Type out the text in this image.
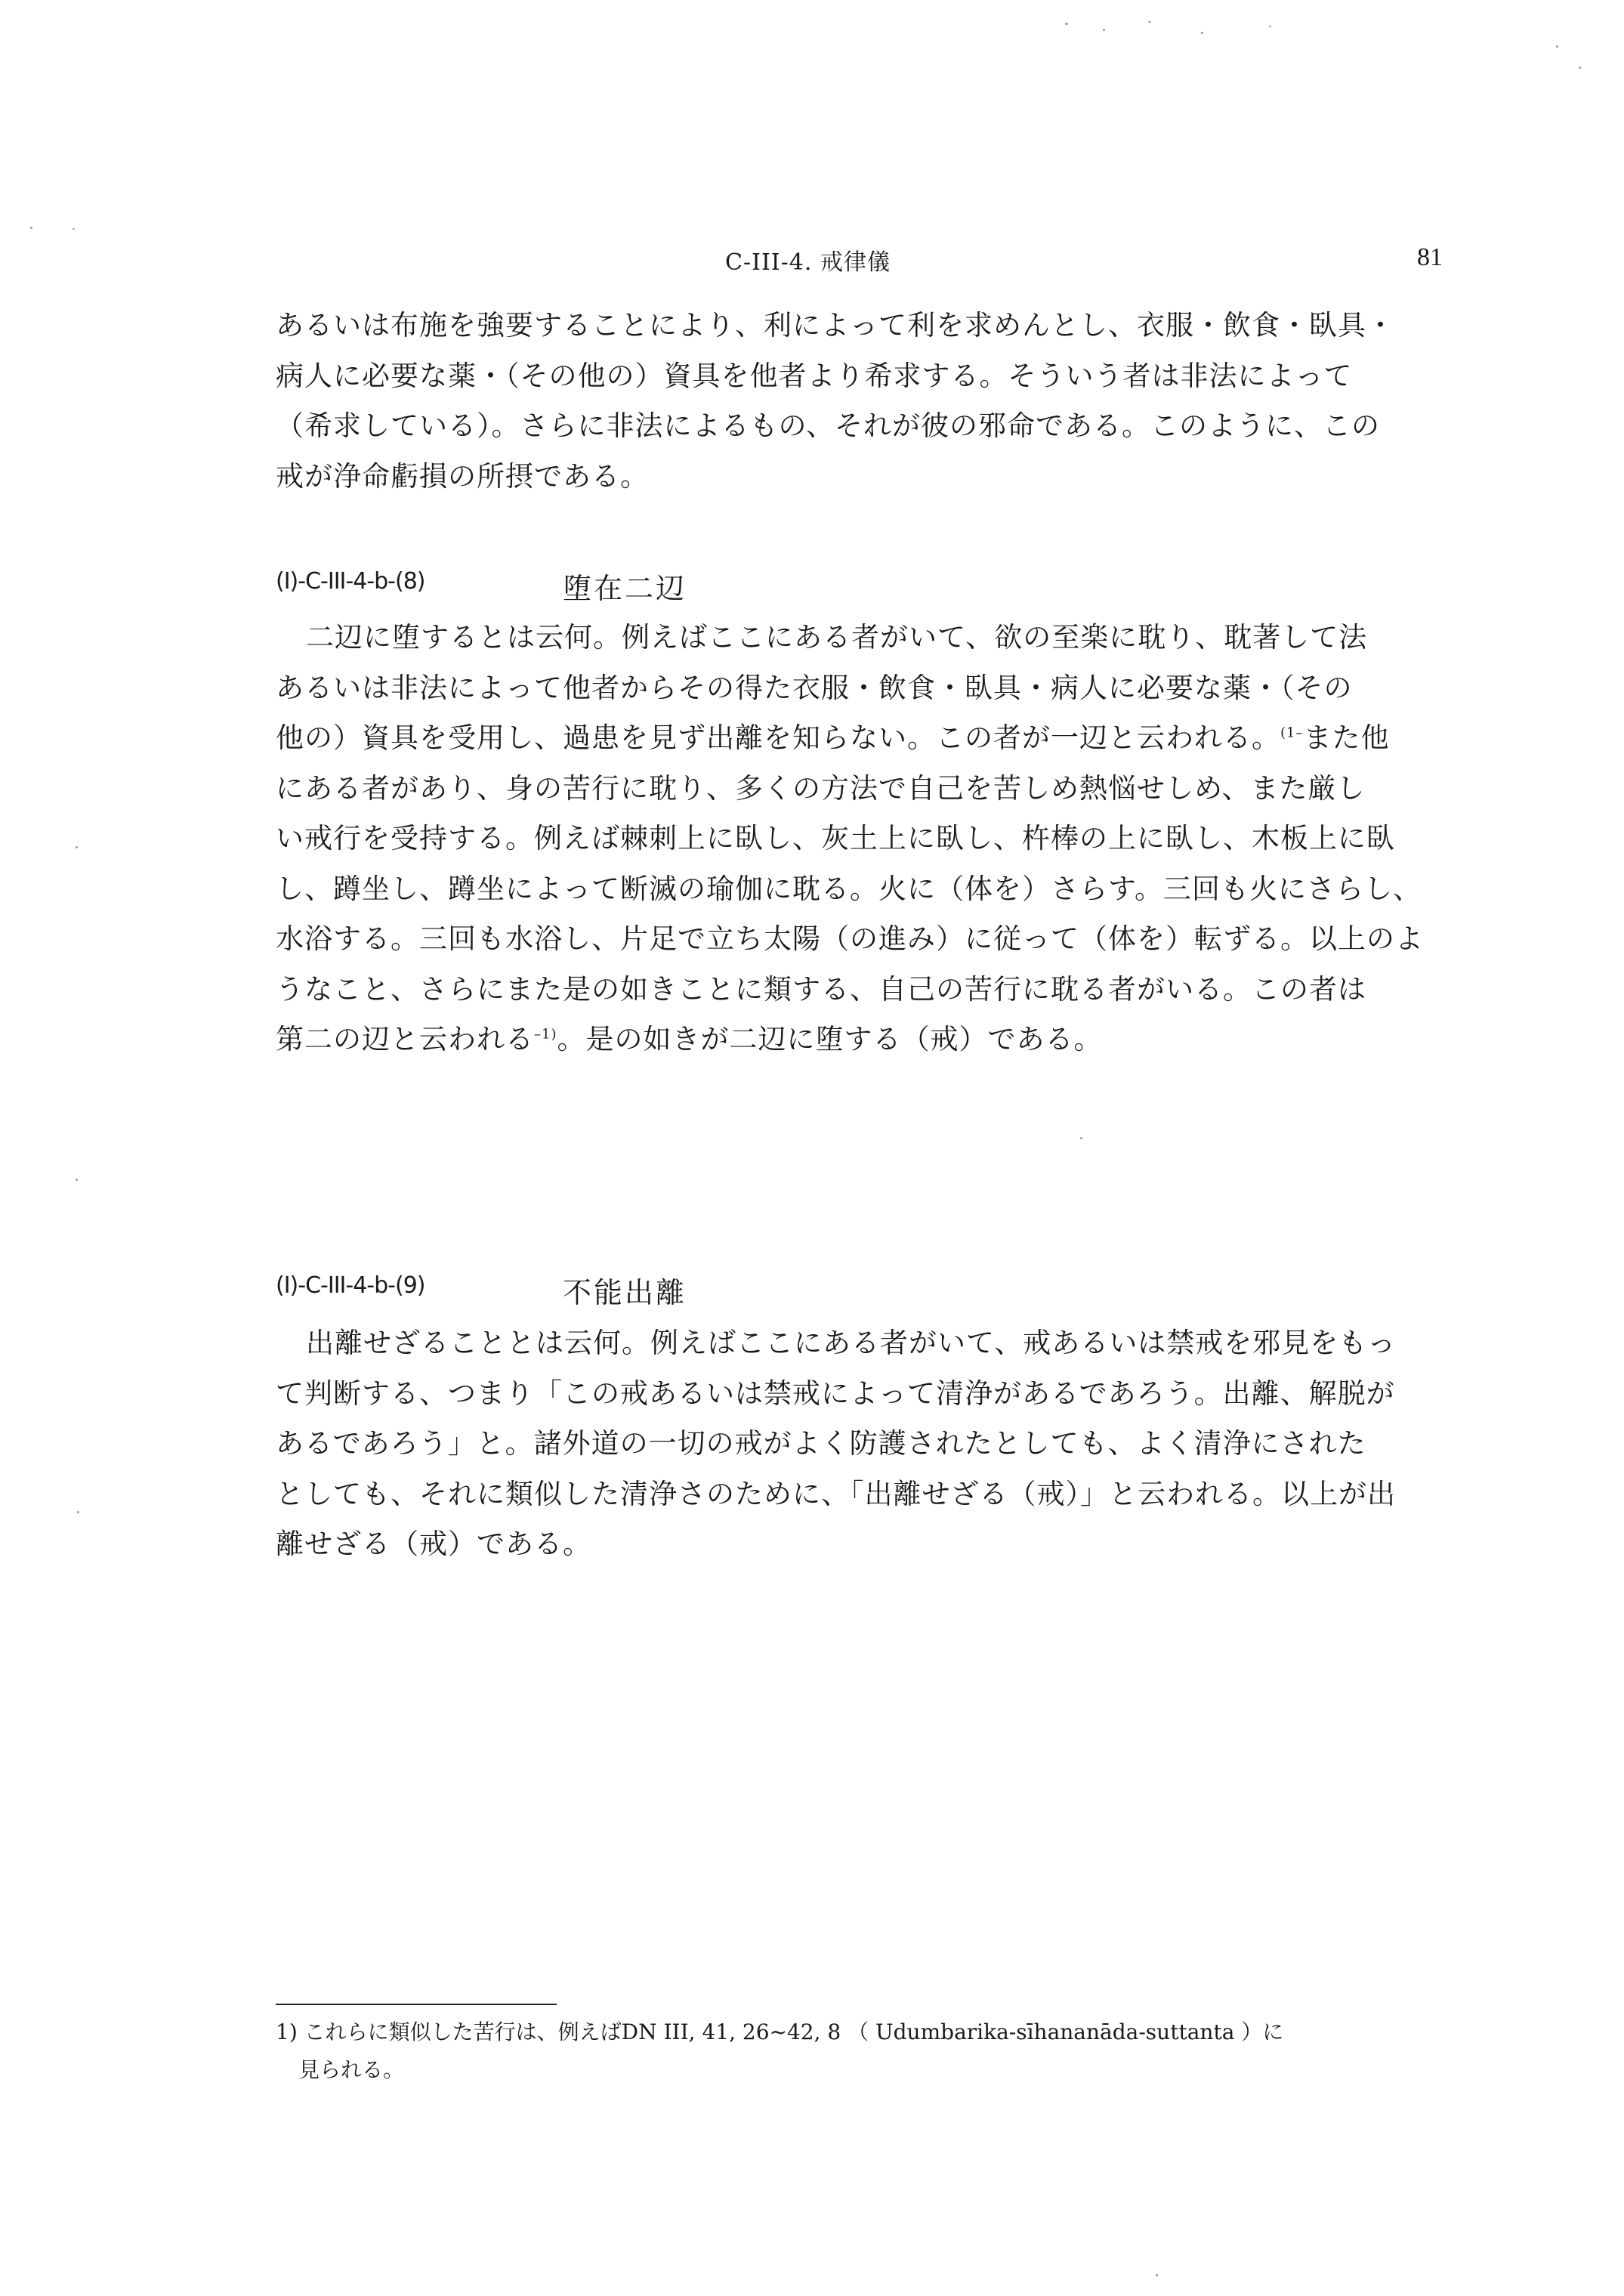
C-III-4. 戒律儀	81

あるいは布施を強要することにより、利によって利を求めんとし、衣服・飲食・臥具・

病人に必要な薬・（その他の）資具を他者より希求する。そういう者は非法によって

（希求している）。さらに非法によるもの、それが彼の邪命である。このように、この

戒が浄命虧損の所摂である。

(I)-C-III-4-b-(8)	堕在二辺

二辺に堕するとは云何。例えばここにある者がいて、欲の至楽に耽り、耽著して法

あるいは非法によって他者からその得た衣服・飲食・臥具・病人に必要な薬・（その

他の）資具を受用し、過患を見ず出離を知らない。この者が一辺と云われる。$^{(1-}$また他

にある者があり、身の苦行に耽り、多くの方法で自己を苦しめ熱悩せしめ、また厳し

い戒行を受持する。例えば棘刺上に臥し、灰土上に臥し、杵棒の上に臥し、木板上に臥

し、蹲坐し、蹲坐によって断滅の瑜伽に耽る。火に（体を）さらす。三回も火にさらし、

水浴する。三回も水浴し、片足で立ち太陽（の進み）に従って（体を）転ずる。以上のよ

うなこと、さらにまた是の如きことに類する、自己の苦行に耽る者がいる。この者は

第二の辺と云われる$^{-1)}$。是の如きが二辺に堕する（戒）である。

(I)-C-III-4-b-(9)	不能出離

出離せざることとは云何。例えばここにある者がいて、戒あるいは禁戒を邪見をもっ

て判断する、つまり「この戒あるいは禁戒によって清浄があるであろう。出離、解脱が

あるであろう」と。諸外道の一切の戒がよく防護されたとしても、よく清浄にされた

としても、それに類似した清浄さのために、「出離せざる（戒）」と云われる。以上が出

離せざる（戒）である。

1) これらに類似した苦行は、例えばDN III, 41, 26~42, 8 （ Udumbarika-sīhananāda-suttanta ）に
見られる。
